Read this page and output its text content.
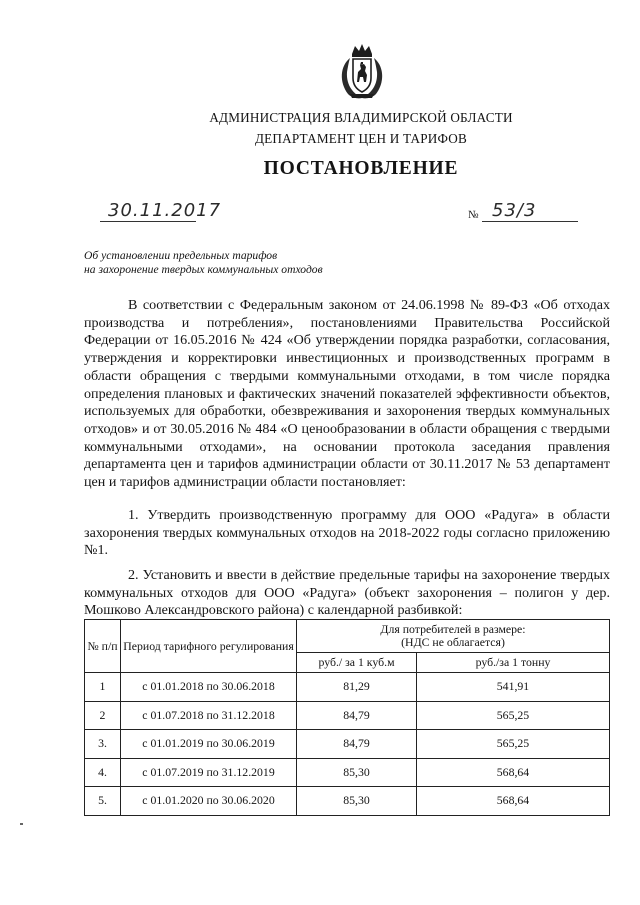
АДМИНИСТРАЦИЯ ВЛАДИМИРСКОЙ ОБЛАСТИ
ДЕПАРТАМЕНТ ЦЕН И ТАРИФОВ
ПОСТАНОВЛЕНИЕ
30.11.2017	№ 53/3
Об установлении предельных тарифов
на захоронение твердых коммунальных отходов
В соответствии с Федеральным законом от 24.06.1998 № 89-ФЗ «Об отходах производства и потребления», постановлениями Правительства Российской Федерации от 16.05.2016 № 424 «Об утверждении порядка разработки, согласования, утверждения и корректировки инвестиционных и производственных программ в области обращения с твердыми коммунальными отходами, в том числе порядка определения плановых и фактических значений показателей эффективности объектов, используемых для обработки, обезвреживания и захоронения твердых коммунальных отходов» и от 30.05.2016 № 484 «О ценообразовании в области обращения с твердыми коммунальными отходами», на основании протокола заседания правления департамента цен и тарифов администрации области от 30.11.2017 № 53 департамент цен и тарифов администрации области постановляет:
1. Утвердить производственную программу для ООО «Радуга» в области захоронения твердых коммунальных отходов на 2018-2022 годы согласно приложению №1.
2. Установить и ввести в действие предельные тарифы на захоронение твердых коммунальных отходов для ООО «Радуга» (объект захоронения – полигон у дер. Мошково Александровского района) с календарной разбивкой:
№ п/п	Период тарифного регулирования	Для потребителей в размере:
(НДС не облагается)	

		руб./ за 1 куб.м	руб./за 1 тонну
1	с 01.01.2018 по 30.06.2018	81,29	541,91
2	с 01.07.2018 по 31.12.2018	84,79	565,25
3.	с 01.01.2019 по 30.06.2019	84,79	565,25
4.	с 01.07.2019 по 31.12.2019	85,30	568,64
5.	с 01.01.2020 по 30.06.2020	85,30	568,64
